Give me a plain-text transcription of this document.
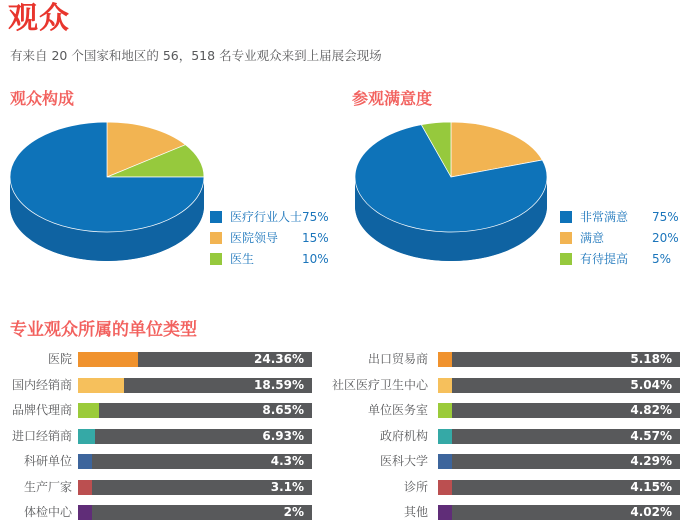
观众

有来自 20 个国家和地区的 56，518 名专业观众来到上届展会现场

观众构成	参观满意度
医疗行业人士 75%
医院领导	15%
医生	10%
非常满意	75%
满意	20%
有待提高	5%
专业观众所属的单位类型
医院	24.36%
国内经销商	18.59%
品牌代理商	8.65%
进口经销商	6.93%
科研单位	4.3%
生产厂家	3.1%
体检中心	2%
出口贸易商	5.18%
社区医疗卫生中心	5.04%
单位医务室	4.82%
政府机构	4.57%
医科大学	4.29%
诊所	4.15%
其他	4.02%
